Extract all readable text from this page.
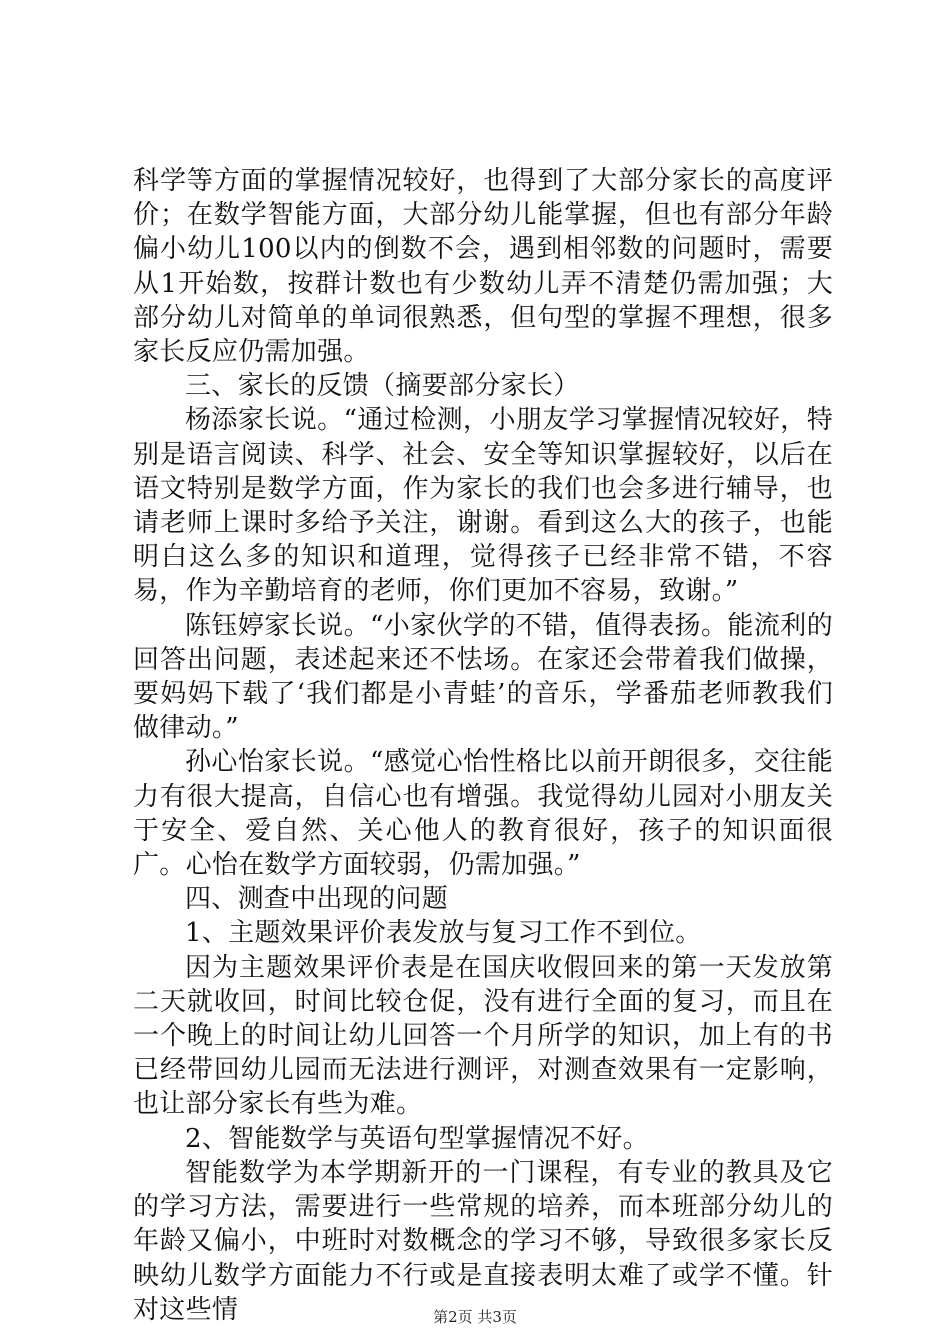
科学等方面的掌握情况较好，也得到了大部分家长的高度评价；在数学智能方面，大部分幼儿能掌握，但也有部分年龄偏小幼儿100以内的倒数不会，遇到相邻数的问题时，需要从1开始数，按群计数也有少数幼儿弄不清楚仍需加强；大部分幼儿对简单的单词很熟悉，但句型的掌握不理想，很多家长反应仍需加强。

三、家长的反馈（摘要部分家长）

杨添家长说。“通过检测，小朋友学习掌握情况较好，特别是语言阅读、科学、社会、安全等知识掌握较好，以后在语文特别是数学方面，作为家长的我们也会多进行辅导，也请老师上课时多给予关注，谢谢。看到这么大的孩子，也能明白这么多的知识和道理，觉得孩子已经非常不错，不容易，作为辛勤培育的老师，你们更加不容易，致谢。”

陈钰婷家长说。“小家伙学的不错，值得表扬。能流利的回答出问题，表述起来还不怯场。在家还会带着我们做操，要妈妈下载了‘我们都是小青蛙’的音乐，学番茄老师教我们做律动。”

孙心怡家长说。“感觉心怡性格比以前开朗很多，交往能力有很大提高，自信心也有增强。我觉得幼儿园对小朋友关于安全、爱自然、关心他人的教育很好，孩子的知识面很广。心怡在数学方面较弱，仍需加强。”

四、测查中出现的问题

1、主题效果评价表发放与复习工作不到位。

因为主题效果评价表是在国庆收假回来的第一天发放第二天就收回，时间比较仓促，没有进行全面的复习，而且在一个晚上的时间让幼儿回答一个月所学的知识，加上有的书已经带回幼儿园而无法进行测评，对测查效果有一定影响，也让部分家长有些为难。

2、智能数学与英语句型掌握情况不好。

智能数学为本学期新开的一门课程，有专业的教具及它的学习方法，需要进行一些常规的培养，而本班部分幼儿的年龄又偏小，中班时对数概念的学习不够，导致很多家长反映幼儿数学方面能力不行或是直接表明太难了或学不懂。针对这些情	第2页 共3页
